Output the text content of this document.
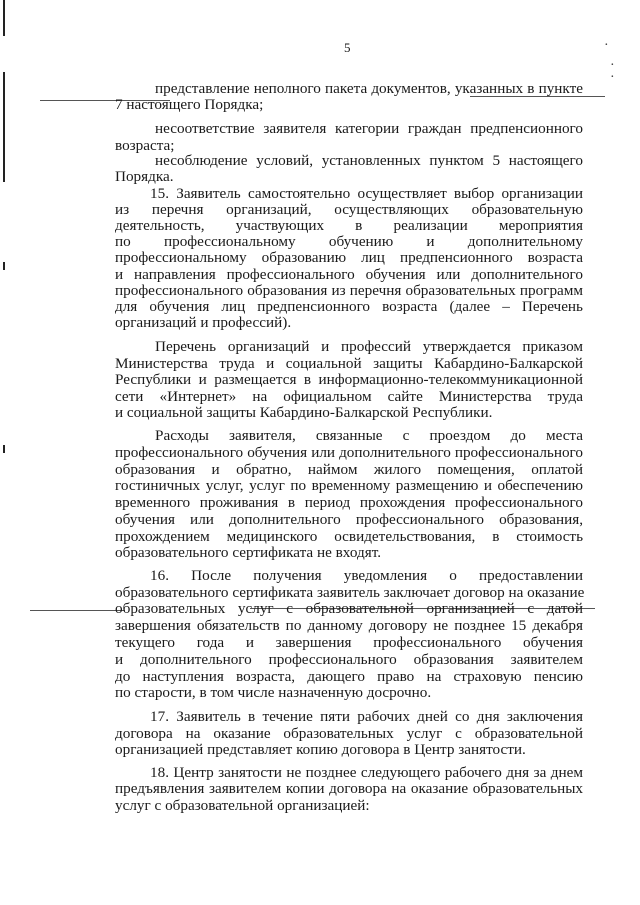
·
·
·
5
представление неполного пакета документов, указанных в пункте
7 настоящего Порядка;
несоответствие заявителя категории граждан предпенсионного
возраста;
несоблюдение условий, установленных пунктом 5 настоящего
Порядка.
15. Заявитель самостоятельно осуществляет выбор организации
из перечня организаций, осуществляющих образовательную
деятельность, участвующих в реализации мероприятия
по профессиональному обучению и дополнительному
профессиональному образованию лиц предпенсионного возраста
и направления профессионального обучения или дополнительного
профессионального образования из перечня образовательных программ
для обучения лиц предпенсионного возраста (далее – Перечень
организаций и профессий).
Перечень организаций и профессий утверждается приказом
Министерства труда и социальной защиты Кабардино-Балкарской
Республики и размещается в информационно-телекоммуникационной
сети «Интернет» на официальном сайте Министерства труда
и социальной защиты Кабардино-Балкарской Республики.
Расходы заявителя, связанные с проездом до места
профессионального обучения или дополнительного профессионального
образования и обратно, наймом жилого помещения, оплатой
гостиничных услуг, услуг по временному размещению и обеспечению
временного проживания в период прохождения профессионального
обучения или дополнительного профессионального образования,
прохождением медицинского освидетельствования, в стоимость
образовательного сертификата не входят.
16. После получения уведомления о предоставлении
образовательного сертификата заявитель заключает договор на оказание
образовательных услуг с образовательной организацией с датой
завершения обязательств по данному договору не позднее 15 декабря
текущего года и завершения профессионального обучения
и дополнительного профессионального образования заявителем
до наступления возраста, дающего право на страховую пенсию
по старости, в том числе назначенную досрочно.
17. Заявитель в течение пяти рабочих дней со дня заключения
договора на оказание образовательных услуг с образовательной
организацией представляет копию договора в Центр занятости.
18. Центр занятости не позднее следующего рабочего дня за днем
предъявления заявителем копии договора на оказание образовательных
услуг с образовательной организацией:
